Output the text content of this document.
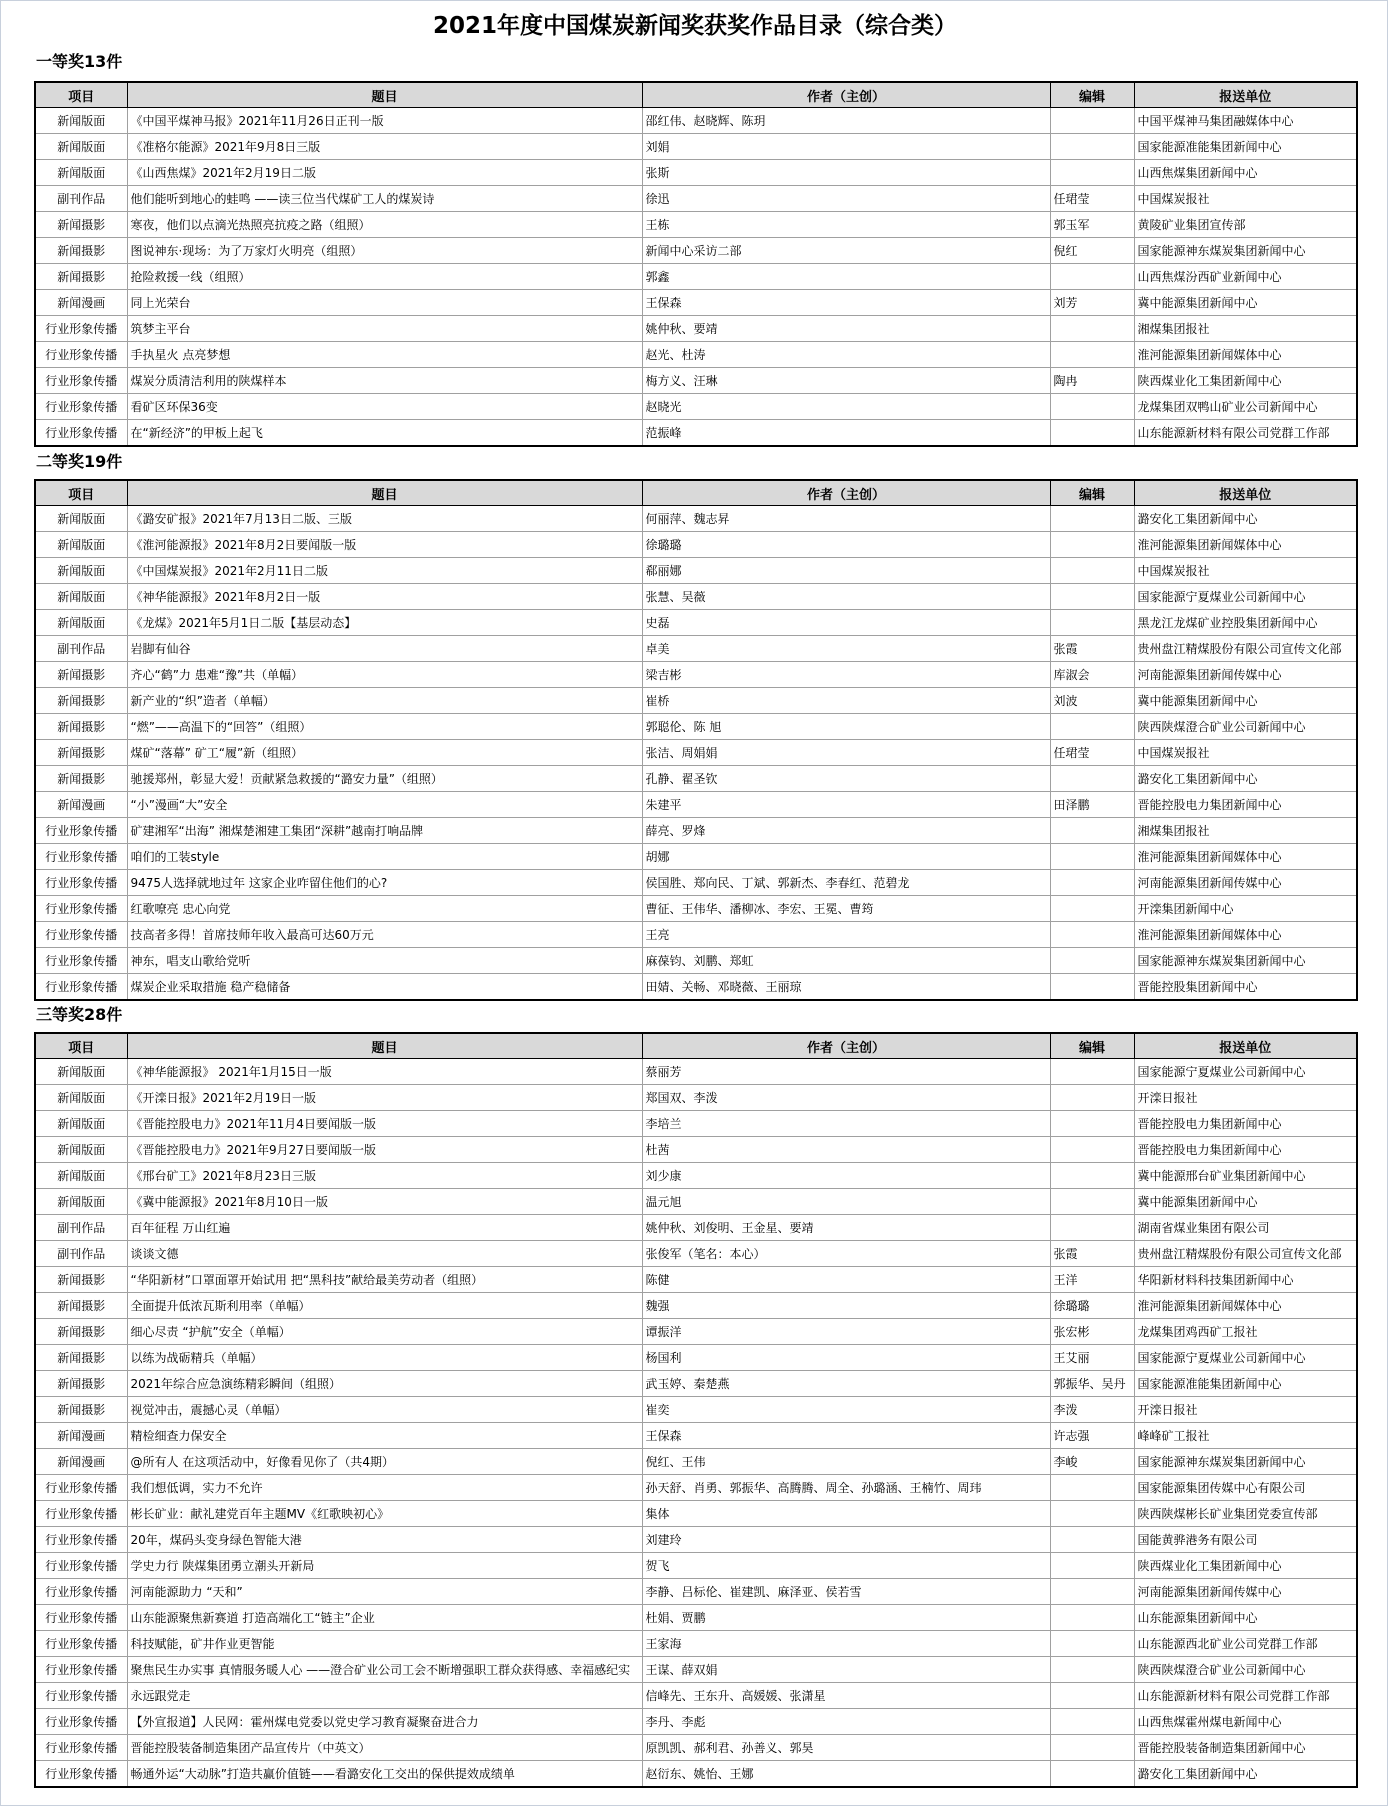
2021年度中国煤炭新闻奖获奖作品目录（综合类）
一等奖13件
项目	题目	作者（主创）	编辑	报送单位
新闻版面	《中国平煤神马报》2021年11月26日正刊一版	邵红伟、赵晓辉、陈玥		中国平煤神马集团融媒体中心
新闻版面	《准格尔能源》2021年9月8日三版	刘娟		国家能源准能集团新闻中心
新闻版面	《山西焦煤》2021年2月19日二版	张斯		山西焦煤集团新闻中心
副刊作品	他们能听到地心的蛙鸣 ——读三位当代煤矿工人的煤炭诗	徐迅	任珺莹	中国煤炭报社
新闻摄影	寒夜，他们以点滴光热照亮抗疫之路（组照）	王栋	郭玉军	黄陵矿业集团宣传部
新闻摄影	图说神东·现场：为了万家灯火明亮（组照）	新闻中心采访二部	倪红	国家能源神东煤炭集团新闻中心
新闻摄影	抢险救援一线（组照）	郭鑫		山西焦煤汾西矿业新闻中心
新闻漫画	同上光荣台	王保森	刘芳	冀中能源集团新闻中心
行业形象传播	筑梦主平台	姚仲秋、要靖		湘煤集团报社
行业形象传播	手执星火 点亮梦想	赵光、杜涛		淮河能源集团新闻媒体中心
行业形象传播	煤炭分质清洁利用的陕煤样本	梅方义、汪琳	陶冉	陕西煤业化工集团新闻中心
行业形象传播	看矿区环保36变	赵晓光		龙煤集团双鸭山矿业公司新闻中心
行业形象传播	在“新经济”的甲板上起飞	范振峰		山东能源新材料有限公司党群工作部
二等奖19件
项目	题目	作者（主创）	编辑	报送单位
新闻版面	《潞安矿报》2021年7月13日二版、三版	何丽萍、魏志昇		潞安化工集团新闻中心
新闻版面	《淮河能源报》2021年8月2日要闻版一版	徐璐璐		淮河能源集团新闻媒体中心
新闻版面	《中国煤炭报》2021年2月11日二版	郗丽娜		中国煤炭报社
新闻版面	《神华能源报》2021年8月2日一版	张慧、吴薇		国家能源宁夏煤业公司新闻中心
新闻版面	《龙煤》2021年5月1日二版【基层动态】	史磊		黑龙江龙煤矿业控股集团新闻中心
副刊作品	岩脚有仙谷	卓美	张霞	贵州盘江精煤股份有限公司宣传文化部
新闻摄影	齐心“鹤”力 患难“豫”共（单幅）	梁吉彬	库淑会	河南能源集团新闻传媒中心
新闻摄影	新产业的“织”造者（单幅）	崔桥	刘波	冀中能源集团新闻中心
新闻摄影	“燃”——高温下的“回答”（组照）	郭聪伦、陈 旭		陕西陕煤澄合矿业公司新闻中心
新闻摄影	煤矿“落幕” 矿工“履”新（组照）	张洁、周娟娟	任珺莹	中国煤炭报社
新闻摄影	驰援郑州，彰显大爱！贡献紧急救援的“潞安力量”（组照）	孔静、翟圣钦		潞安化工集团新闻中心
新闻漫画	“小”漫画“大”安全	朱建平	田泽鹏	晋能控股电力集团新闻中心
行业形象传播	矿建湘军“出海” 湘煤楚湘建工集团“深耕”越南打响品牌	薛亮、罗烽		湘煤集团报社
行业形象传播	咱们的工装style	胡娜		淮河能源集团新闻媒体中心
行业形象传播	9475人选择就地过年 这家企业咋留住他们的心?	侯国胜、郑向民、丁斌、郭新杰、李春红、范碧龙		河南能源集团新闻传媒中心
行业形象传播	红歌嘹亮 忠心向党	曹征、王伟华、潘柳冰、李宏、王冕、曹筠		开滦集团新闻中心
行业形象传播	技高者多得！首席技师年收入最高可达60万元	王亮		淮河能源集团新闻媒体中心
行业形象传播	神东，唱支山歌给党听	麻葆钧、刘鹏、郑虹		国家能源神东煤炭集团新闻中心
行业形象传播	煤炭企业采取措施 稳产稳储备	田婧、关畅、邓晓薇、王丽琼		晋能控股集团新闻中心
三等奖28件
项目	题目	作者（主创）	编辑	报送单位
新闻版面	《神华能源报》 2021年1月15日一版	蔡丽芳		国家能源宁夏煤业公司新闻中心
新闻版面	《开滦日报》2021年2月19日一版	郑国双、李泼		开滦日报社
新闻版面	《晋能控股电力》2021年11月4日要闻版一版	李培兰		晋能控股电力集团新闻中心
新闻版面	《晋能控股电力》2021年9月27日要闻版一版	杜茜		晋能控股电力集团新闻中心
新闻版面	《邢台矿工》2021年8月23日三版	刘少康		冀中能源邢台矿业集团新闻中心
新闻版面	《冀中能源报》2021年8月10日一版	温元旭		冀中能源集团新闻中心
副刊作品	百年征程 万山红遍	姚仲秋、刘俊明、王金星、要靖		湖南省煤业集团有限公司
副刊作品	谈谈文德	张俊军（笔名：本心）	张霞	贵州盘江精煤股份有限公司宣传文化部
新闻摄影	“华阳新材”口罩面罩开始试用 把“黑科技”献给最美劳动者（组照）	陈健	王洋	华阳新材料科技集团新闻中心
新闻摄影	全面提升低浓瓦斯利用率（单幅）	魏强	徐璐璐	淮河能源集团新闻媒体中心
新闻摄影	细心尽责 “护航”安全（单幅）	谭振洋	张宏彬	龙煤集团鸡西矿工报社
新闻摄影	以练为战砺精兵（单幅）	杨国利	王艾丽	国家能源宁夏煤业公司新闻中心
新闻摄影	2021年综合应急演练精彩瞬间（组照）	武玉婷、秦楚燕	郭振华、吴丹	国家能源准能集团新闻中心
新闻摄影	视觉冲击，震撼心灵（单幅）	崔奕	李泼	开滦日报社
新闻漫画	精检细查力保安全	王保森	许志强	峰峰矿工报社
新闻漫画	@所有人 在这项活动中，好像看见你了（共4期）	倪红、王伟	李峻	国家能源神东煤炭集团新闻中心
行业形象传播	我们想低调，实力不允许	孙天舒、肖勇、郭振华、高腾腾、周全、孙璐涵、王楠竹、周玮		国家能源集团传媒中心有限公司
行业形象传播	彬长矿业：献礼建党百年主题MV《红歌映初心》	集体		陕西陕煤彬长矿业集团党委宣传部
行业形象传播	20年，煤码头变身绿色智能大港	刘建玲		国能黄骅港务有限公司
行业形象传播	学史力行 陕煤集团勇立潮头开新局	贺飞		陕西煤业化工集团新闻中心
行业形象传播	河南能源助力 “天和”	李静、吕标伦、崔建凯、麻泽亚、侯若雪		河南能源集团新闻传媒中心
行业形象传播	山东能源聚焦新赛道 打造高端化工“链主”企业	杜娟、贾鹏		山东能源集团新闻中心
行业形象传播	科技赋能，矿井作业更智能	王家海		山东能源西北矿业公司党群工作部
行业形象传播	聚焦民生办实事 真情服务暖人心 ——澄合矿业公司工会不断增强职工群众获得感、幸福感纪实	王谋、薛双娟		陕西陕煤澄合矿业公司新闻中心
行业形象传播	永远跟党走	信峰先、王东升、高媛媛、张潇星		山东能源新材料有限公司党群工作部
行业形象传播	【外宣报道】人民网：霍州煤电党委以党史学习教育凝聚奋进合力	李丹、李彪		山西焦煤霍州煤电新闻中心
行业形象传播	晋能控股装备制造集团产品宣传片（中英文）	原凯凯、郝利君、孙善义、郭昊		晋能控股装备制造集团新闻中心
行业形象传播	畅通外运“大动脉”打造共赢价值链——看潞安化工交出的保供提效成绩单	赵衍东、姚怡、王娜		潞安化工集团新闻中心
